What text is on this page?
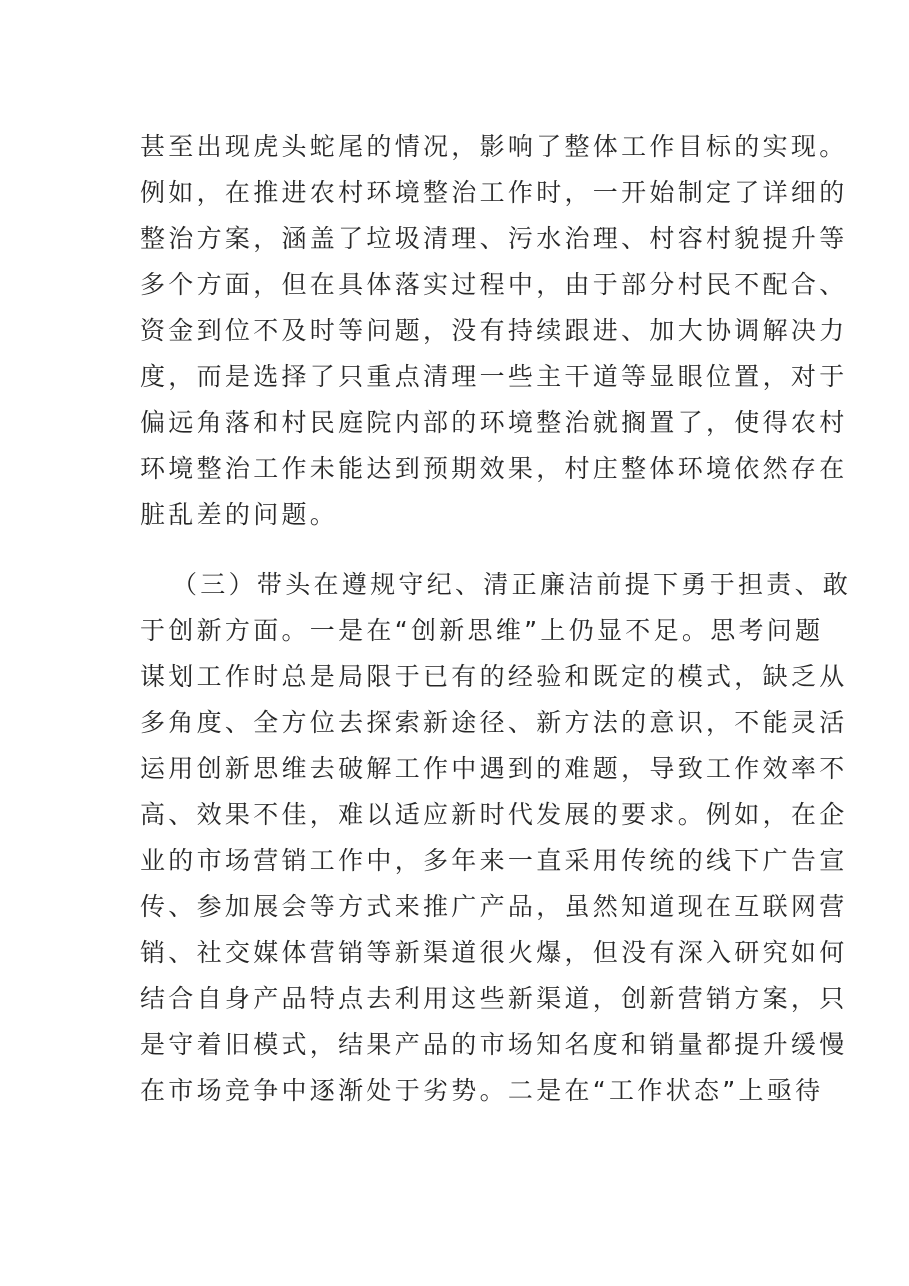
甚至出现虎头蛇尾的情况，影响了整体工作目标的实现。
例如，在推进农村环境整治工作时，一开始制定了详细的
整治方案，涵盖了垃圾清理、污水治理、村容村貌提升等
多个方面，但在具体落实过程中，由于部分村民不配合、
资金到位不及时等问题，没有持续跟进、加大协调解决力
度，而是选择了只重点清理一些主干道等显眼位置，对于
偏远角落和村民庭院内部的环境整治就搁置了，使得农村
环境整治工作未能达到预期效果，村庄整体环境依然存在
脏乱差的问题。
（三）带头在遵规守纪、清正廉洁前提下勇于担责、敢
于创新方面。一是在“创新思维”上仍显不足。思考问题
谋划工作时总是局限于已有的经验和既定的模式，缺乏从
多角度、全方位去探索新途径、新方法的意识，不能灵活
运用创新思维去破解工作中遇到的难题，导致工作效率不
高、效果不佳，难以适应新时代发展的要求。例如，在企
业的市场营销工作中，多年来一直采用传统的线下广告宣
传、参加展会等方式来推广产品，虽然知道现在互联网营
销、社交媒体营销等新渠道很火爆，但没有深入研究如何
结合自身产品特点去利用这些新渠道，创新营销方案，只
是守着旧模式，结果产品的市场知名度和销量都提升缓慢
在市场竞争中逐渐处于劣势。二是在“工作状态”上亟待
